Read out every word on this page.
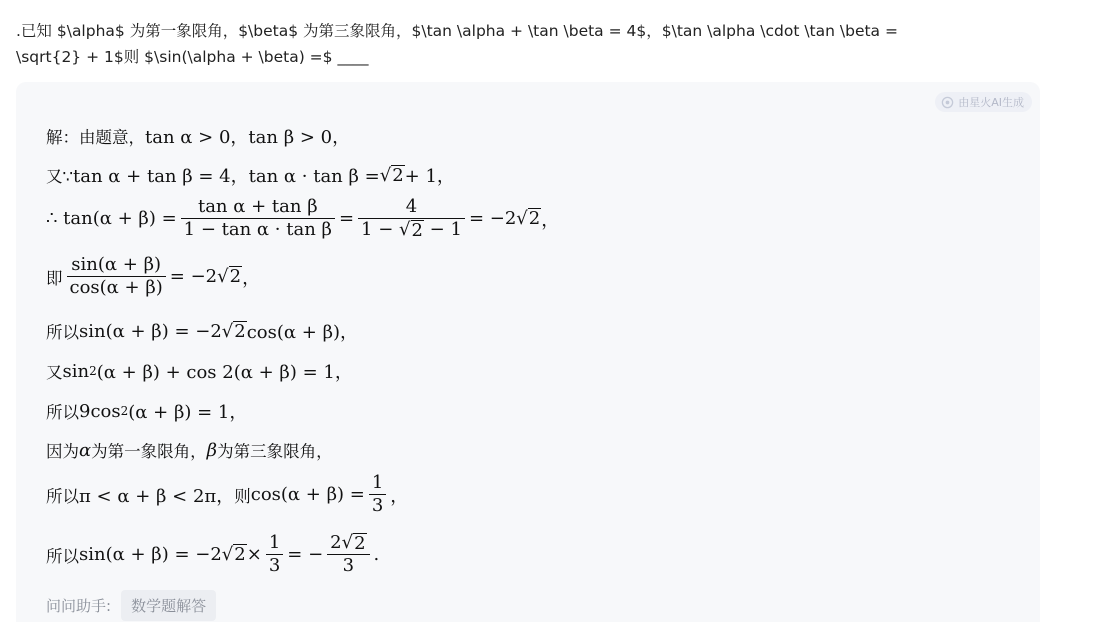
.已知 $\alpha$ 为第一象限角，$\beta$ 为第三象限角，$\tan \alpha + \tan \beta = 4$，$\tan \alpha \cdot \tan \beta =
\sqrt{2} + 1$则 $\sin(\alpha + \beta) =$ ____
由星火AI生成
解：由题意， tan α > 0，tan β > 0，
又∵ tan α + tan β = 4，tan α · tan β = √ 2 + 1，
∴ $\tan(\alpha + \beta) = \frac{\text{tan α + tan β}}{\text{1 − tan α · tan β}} = \frac{4}{1 - √ 2 - 1} = -2$ √ 2 ，
即 $\frac{\sin(\alpha + \beta)}{\cos(\alpha + \beta)} = -2$ √ 2 ，
所以 sin(α + β) = −2 √ 2 cos(α + β)，
又 sin 2 (α + β) + cos 2(α + β) = 1，
所以 9cos 2 (α + β) = 1，
因为 α 为第一象限角， β 为第三象限角，
所以 π < α + β < 2π， 则 $\cos(\alpha + \beta) = \frac{1}{3}$ ，
所以 sin(α + β) = −2 √ $2 \times \frac{1}{3}$ = − $\frac{2√ 2}{3}$ .
问问助手:	数学题解答
